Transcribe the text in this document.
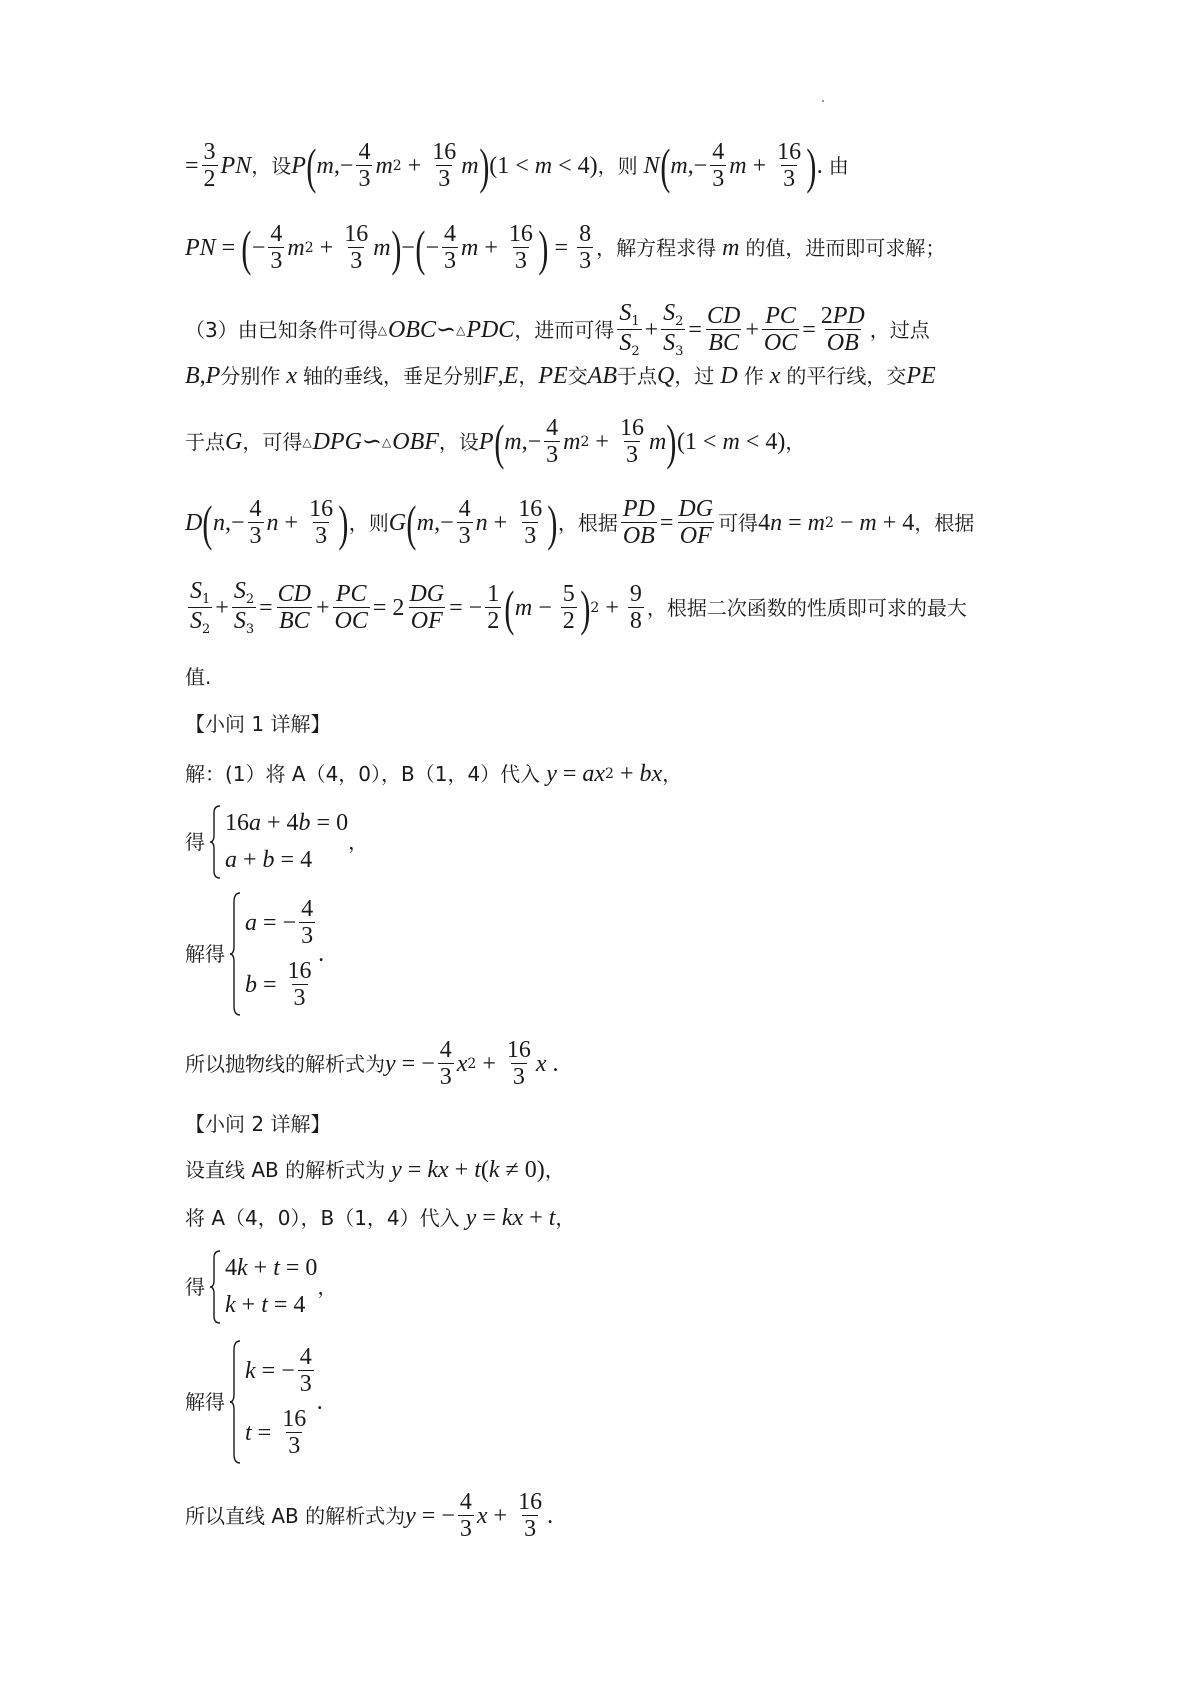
= $\frac{3}{2}$ PN ， 设 P ( m ,− $\frac{4}{3}$ m $2 + \frac{16}{3}$ m ) (1 < m < 4) ， 则 N ( m ,− $\frac{4}{3}$ $m + \frac{16}{3}$ ) . 由
PN = ( − $\frac{4}{3}$ m $2 + \frac{16}{3}$ m ) − ( − $\frac{4}{3}$ $m + \frac{16}{3}$ ) = $\frac{8}{3}$ ， 解方程求得 m 的值，进而即可求解；
（3）由已知条件可得 △ OBC ∽ △ PDC ， 进而可得 $\frac{S_1}{S_2} + \frac{S_2}{S_3} = \frac{CD}{BC} + \frac{PC}{OC} = \frac{2PD}{OB}$ ， 过点
B , P 分别作 x 轴的垂线，垂足分别 F , E ， PE 交 AB 于点 Q ， 过 D 作 x 的平行线，交 PE
于点 G ， 可得 △ DPG ∽ △ OBF ， 设 P ( m ,− $\frac{4}{3}$ m $2 + \frac{16}{3}$ m ) (1 < m < 4) ，
D ( n ,− $\frac{4}{3}$ $n + \frac{16}{3}$ ) ， 则 G ( m ,− $\frac{4}{3}$ $n + \frac{16}{3}$ ) ， 根据 $\frac{PD}{OB} = \frac{DG}{OF}$ 可得 4 n = m 2 − m + 4 ， 根据
$\frac{S_1}{S_2} + \frac{S_2}{S_3} = \frac{CD}{BC} + \frac{PC}{OC} = 2 \frac{DG}{OF}$ = − $\frac{1}{2}$ ( $m - \frac{5}{2}$ ) $2 + \frac{9}{8}$ ， 根据二次函数的性质即可求的最大
值.
【小问 1 详解】
解：(1）将 A（4，0），B（1，4）代入 y = ax 2 + bx ，
得
16 a + 4 b = 0
a + b = 4
，
解得
a = − $\frac{4}{3}$
$b = \frac{16}{3}$
.
所以抛物线的解析式为 y = − $\frac{4}{3}$ x $2 + \frac{16}{3}$ x .
【小问 2 详解】
设直线 AB 的解析式为 y = kx + t ( k ≠ 0) ，
将 A（4，0），B（1，4）代入 y = kx + t ，
得
4 k + t = 0
k + t = 4
，
解得
k = − $\frac{4}{3}$
$t = \frac{16}{3}$
.
所以直线 AB 的解析式为 y = − $\frac{4}{3}$ $x + \frac{16}{3}$ .
